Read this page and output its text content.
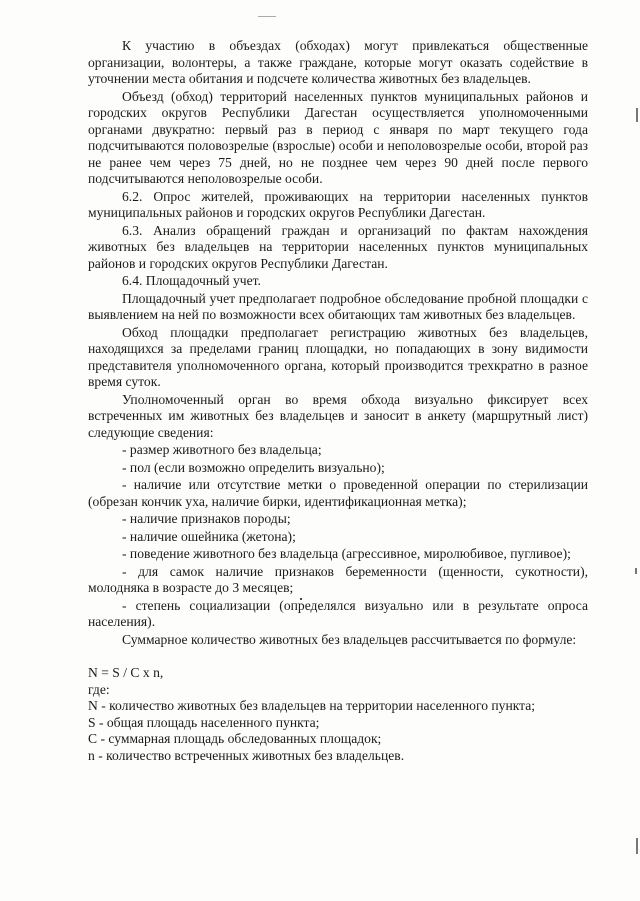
К участию в объездах (обходах) могут привлекаться общественные организации, волонтеры, а также граждане, которые могут оказать содействие в уточнении места обитания и подсчете количества животных без владельцев.

Объезд (обход) территорий населенных пунктов муниципальных районов и городских округов Республики Дагестан осуществляется уполномоченными органами двукратно: первый раз в период с января по март текущего года подсчитываются половозрелые (взрослые) особи и неполовозрелые особи, второй раз не ранее чем через 75 дней, но не позднее чем через 90 дней после первого подсчитываются неполовозрелые особи.

6.2. Опрос жителей, проживающих на территории населенных пунктов муниципальных районов и городских округов Республики Дагестан.

6.3. Анализ обращений граждан и организаций по фактам нахождения животных без владельцев на территории населенных пунктов муниципальных районов и городских округов Республики Дагестан.

6.4. Площадочный учет.

Площадочный учет предполагает подробное обследование пробной площадки с выявлением на ней по возможности всех обитающих там животных без владельцев.

Обход площадки предполагает регистрацию животных без владельцев, находящихся за пределами границ площадки, но попадающих в зону видимости представителя уполномоченного органа, который производится трехкратно в разное время суток.

Уполномоченный орган во время обхода визуально фиксирует всех встреченных им животных без владельцев и заносит в анкету (маршрутный лист) следующие сведения:

- размер животного без владельца;

- пол (если возможно определить визуально);

- наличие или отсутствие метки о проведенной операции по стерилизации (обрезан кончик уха, наличие бирки, идентификационная метка);

- наличие признаков породы;

- наличие ошейника (жетона);

- поведение животного без владельца (агрессивное, миролюбивое, пугливое);

- для самок наличие признаков беременности (щенности, сукотности), молодняка в возрасте до 3 месяцев;

- степень социализации (определялся визуально или в результате опроса населения).

Суммарное количество животных без владельцев рассчитывается по формуле:

N = S / C x n,

где:

N - количество животных без владельцев на территории населенного пункта;

S - общая площадь населенного пункта;

С - суммарная площадь обследованных площадок;

n - количество встреченных животных без владельцев.
